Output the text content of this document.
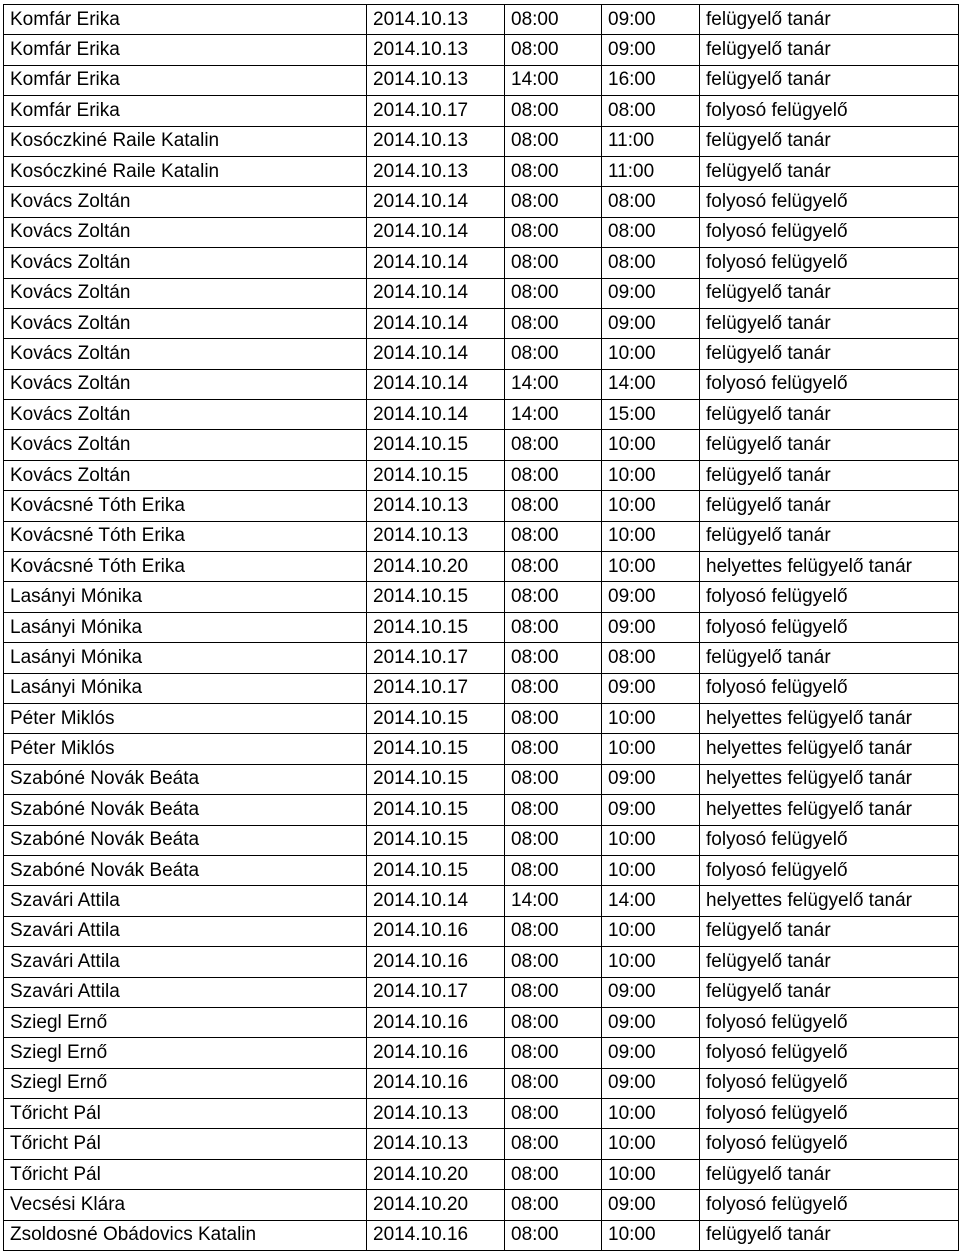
Komfár Erika	2014.10.13	08:00	09:00	felügyelő tanár
Komfár Erika	2014.10.13	08:00	09:00	felügyelő tanár
Komfár Erika	2014.10.13	14:00	16:00	felügyelő tanár
Komfár Erika	2014.10.17	08:00	08:00	folyosó felügyelő
Kosóczkiné Raile Katalin	2014.10.13	08:00	11:00	felügyelő tanár
Kosóczkiné Raile Katalin	2014.10.13	08:00	11:00	felügyelő tanár
Kovács Zoltán	2014.10.14	08:00	08:00	folyosó felügyelő
Kovács Zoltán	2014.10.14	08:00	08:00	folyosó felügyelő
Kovács Zoltán	2014.10.14	08:00	08:00	folyosó felügyelő
Kovács Zoltán	2014.10.14	08:00	09:00	felügyelő tanár
Kovács Zoltán	2014.10.14	08:00	09:00	felügyelő tanár
Kovács Zoltán	2014.10.14	08:00	10:00	felügyelő tanár
Kovács Zoltán	2014.10.14	14:00	14:00	folyosó felügyelő
Kovács Zoltán	2014.10.14	14:00	15:00	felügyelő tanár
Kovács Zoltán	2014.10.15	08:00	10:00	felügyelő tanár
Kovács Zoltán	2014.10.15	08:00	10:00	felügyelő tanár
Kovácsné Tóth Erika	2014.10.13	08:00	10:00	felügyelő tanár
Kovácsné Tóth Erika	2014.10.13	08:00	10:00	felügyelő tanár
Kovácsné Tóth Erika	2014.10.20	08:00	10:00	helyettes felügyelő tanár
Lasányi Mónika	2014.10.15	08:00	09:00	folyosó felügyelő
Lasányi Mónika	2014.10.15	08:00	09:00	folyosó felügyelő
Lasányi Mónika	2014.10.17	08:00	08:00	felügyelő tanár
Lasányi Mónika	2014.10.17	08:00	09:00	folyosó felügyelő
Péter Miklós	2014.10.15	08:00	10:00	helyettes felügyelő tanár
Péter Miklós	2014.10.15	08:00	10:00	helyettes felügyelő tanár
Szabóné Novák Beáta	2014.10.15	08:00	09:00	helyettes felügyelő tanár
Szabóné Novák Beáta	2014.10.15	08:00	09:00	helyettes felügyelő tanár
Szabóné Novák Beáta	2014.10.15	08:00	10:00	folyosó felügyelő
Szabóné Novák Beáta	2014.10.15	08:00	10:00	folyosó felügyelő
Szavári Attila	2014.10.14	14:00	14:00	helyettes felügyelő tanár
Szavári Attila	2014.10.16	08:00	10:00	felügyelő tanár
Szavári Attila	2014.10.16	08:00	10:00	felügyelő tanár
Szavári Attila	2014.10.17	08:00	09:00	felügyelő tanár
Sziegl Ernő	2014.10.16	08:00	09:00	folyosó felügyelő
Sziegl Ernő	2014.10.16	08:00	09:00	folyosó felügyelő
Sziegl Ernő	2014.10.16	08:00	09:00	folyosó felügyelő
Tőricht Pál	2014.10.13	08:00	10:00	folyosó felügyelő
Tőricht Pál	2014.10.13	08:00	10:00	folyosó felügyelő
Tőricht Pál	2014.10.20	08:00	10:00	felügyelő tanár
Vecsési Klára	2014.10.20	08:00	09:00	folyosó felügyelő
Zsoldosné Obádovics Katalin	2014.10.16	08:00	10:00	felügyelő tanár
